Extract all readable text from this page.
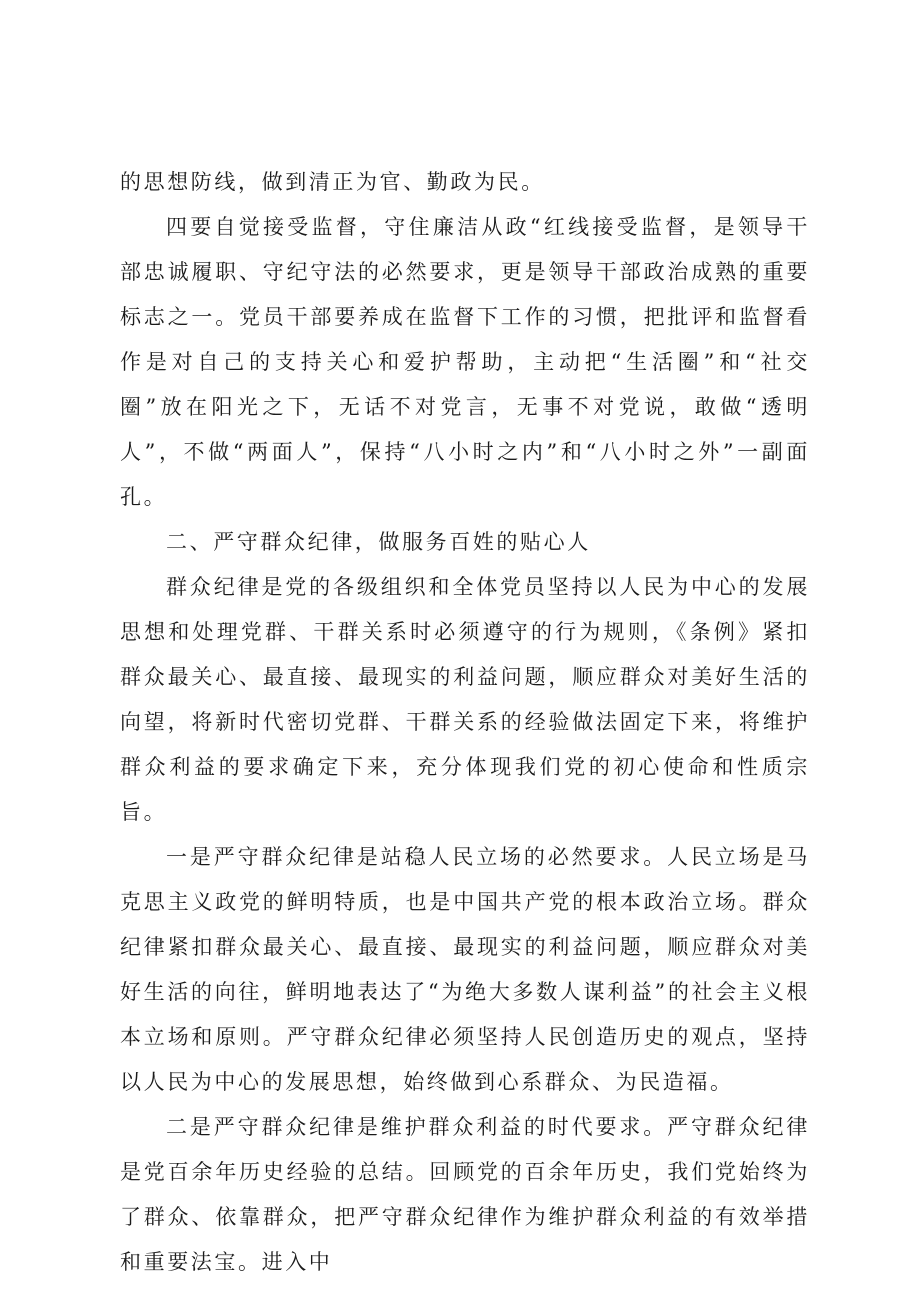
的思想防线，做到清正为官、勤政为民。

四要自觉接受监督，守住廉洁从政“红线接受监督，是领导干部忠诚履职、守纪守法的必然要求，更是领导干部政治成熟的重要标志之一。党员干部要养成在监督下工作的习惯，把批评和监督看作是对自己的支持关心和爱护帮助，主动把“生活圈”和“社交圈”放在阳光之下，无话不对党言，无事不对党说，敢做“透明人”，不做“两面人”，保持“八小时之内”和“八小时之外”一副面孔。

二、严守群众纪律，做服务百姓的贴心人

群众纪律是党的各级组织和全体党员坚持以人民为中心的发展思想和处理党群、干群关系时必须遵守的行为规则，《条例》紧扣群众最关心、最直接、最现实的利益问题，顺应群众对美好生活的向望，将新时代密切党群、干群关系的经验做法固定下来，将维护群众利益的要求确定下来，充分体现我们党的初心使命和性质宗旨。

一是严守群众纪律是站稳人民立场的必然要求。人民立场是马克思主义政党的鲜明特质，也是中国共产党的根本政治立场。群众纪律紧扣群众最关心、最直接、最现实的利益问题，顺应群众对美好生活的向往，鲜明地表达了“为绝大多数人谋利益”的社会主义根本立场和原则。严守群众纪律必须坚持人民创造历史的观点，坚持以人民为中心的发展思想，始终做到心系群众、为民造福。

二是严守群众纪律是维护群众利益的时代要求。严守群众纪律是党百余年历史经验的总结。回顾党的百余年历史，我们党始终为了群众、依靠群众，把严守群众纪律作为维护群众利益的有效举措和重要法宝。进入中
